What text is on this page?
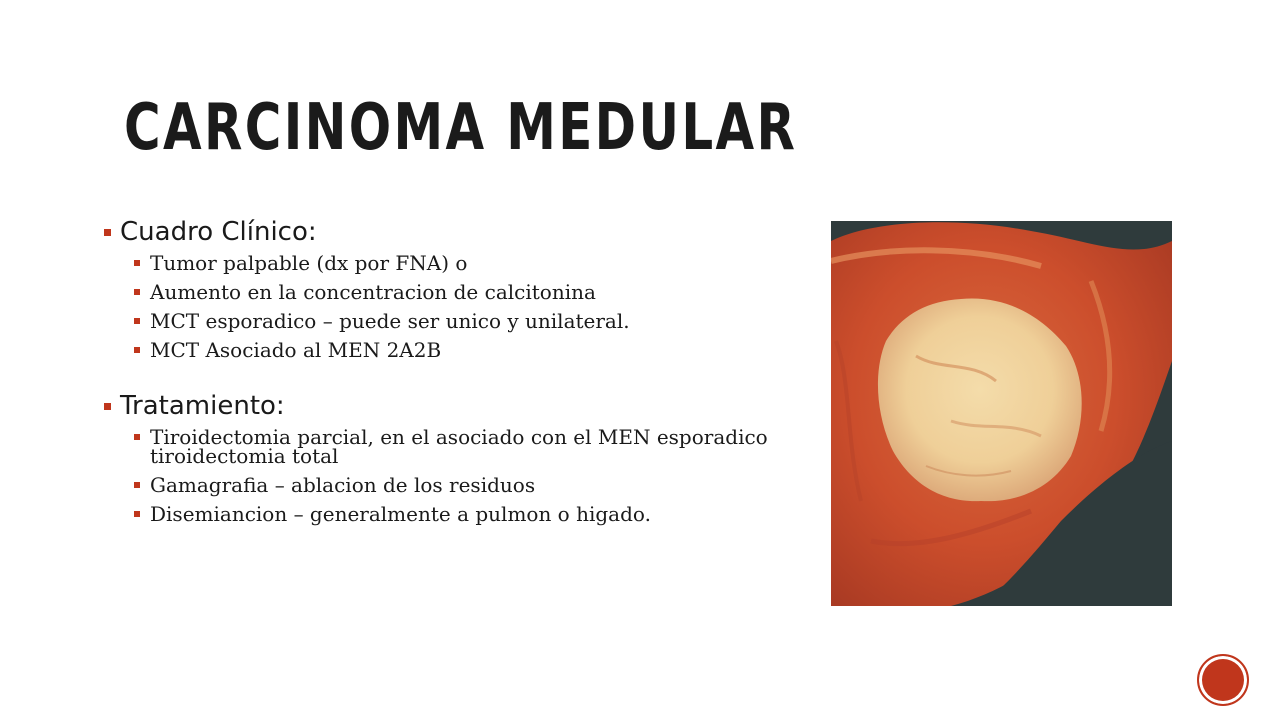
CARCINOMA MEDULAR
Cuadro Clínico:
Tumor palpable (dx por FNA) o
Aumento en la concentracion de calcitonina
MCT esporadico – puede ser unico y unilateral.
MCT Asociado al MEN 2A2B
Tratamiento:
Tiroidectomia parcial, en el asociado con el MEN esporadico tiroidectomia total
Gamagrafia – ablacion de los residuos
Disemiancion – generalmente a pulmon o higado.
